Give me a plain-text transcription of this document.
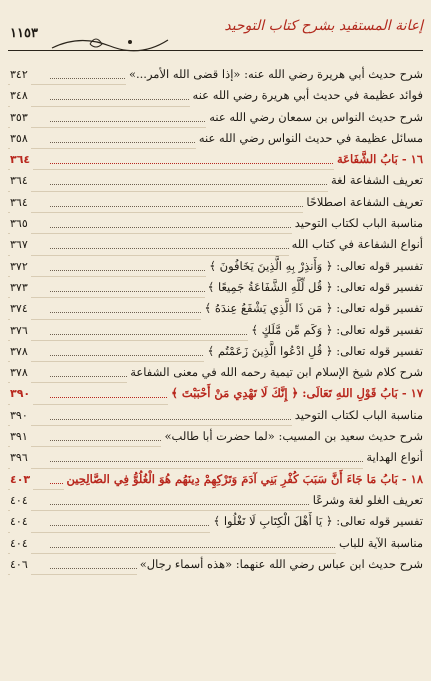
١١٥٣	إعانة المستفيد بشرح كتاب التوحيد
شرح حديث أبي هريرة رضي الله عنه: «إذا قضى الله الأمر...»
٣٤٢
فوائد عظيمة في حديث أبي هريرة رضي الله عنه
٣٤٨
شرح حديث النواس بن سمعان رضي الله عنه
٣٥٣
مسائل عظيمة في حديث النواس رضي الله عنه
٣٥٨
١٦ - بَابُ الشَّفَاعَة
٣٦٤
تعريف الشفاعة لغة
٣٦٤
تعريف الشفاعة اصطلاحًا
٣٦٤
مناسبة الباب لكتاب التوحيد
٣٦٥
أنواع الشفاعة في كتاب الله
٣٦٧
تفسير قوله تعالى: ﴿ وَأَنذِرْ بِهِ الَّذِينَ يَخَافُونَ ﴾
٣٧٢
تفسير قوله تعالى: ﴿ قُل لِّلَّهِ الشَّفَاعَةُ جَمِيعًا ﴾
٣٧٣
تفسير قوله تعالى: ﴿ مَن ذَا الَّذِي يَشْفَعُ عِندَهُ ﴾
٣٧٤
تفسير قوله تعالى: ﴿ وَكَم مِّن مَّلَكٍ ﴾
٣٧٦
تفسير قوله تعالى: ﴿ قُلِ ادْعُوا الَّذِينَ زَعَمْتُم ﴾
٣٧٨
شرح كلام شيخ الإسلام ابن تيمية رحمه الله في معنى الشفاعة
٣٧٨
١٧ - بَابُ قَوْلِ اللهِ تَعَالَى: ﴿ إِنَّكَ لَا تَهْدِي مَنْ أَحْبَبْتَ ﴾
٣٩٠
مناسبة الباب لكتاب التوحيد
٣٩٠
شرح حديث سعيد بن المسيب: «لما حضرت أبا طالب»
٣٩١
أنواع الهداية
٣٩٦
١٨ - بَابُ مَا جَاءَ أَنَّ سَبَبَ كُفْرِ بَنِي آدَمَ وَتَرْكِهِمْ دِينَهُم هُوَ الْغُلُوُّ فِي الصَّالِحِين
٤٠٣
تعريف الغلو لغة وشرعًا
٤٠٤
تفسير قوله تعالى: ﴿ يَا أَهْلَ الْكِتَابِ لَا تَغْلُوا ﴾
٤٠٤
مناسبة الآية للباب
٤٠٤
شرح حديث ابن عباس رضي الله عنهما: «هذه أسماء رجال»
٤٠٦
